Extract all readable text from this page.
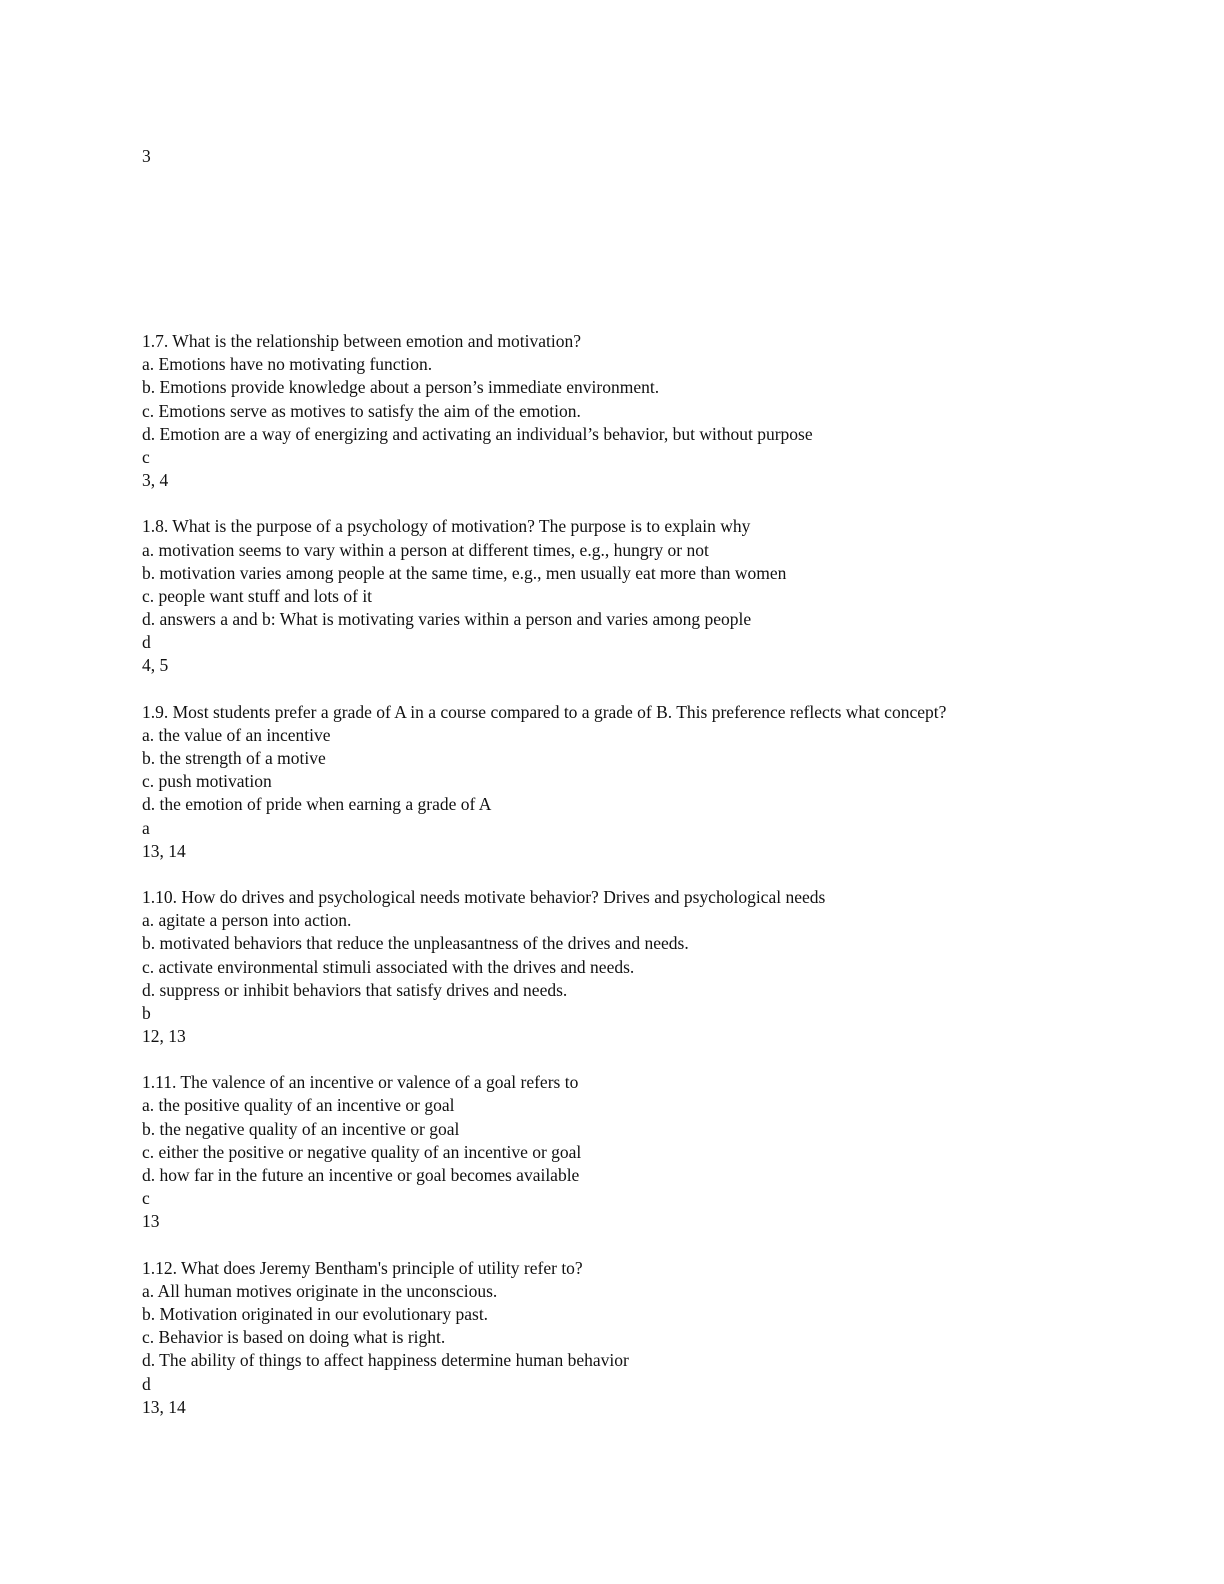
3
1.7. What is the relationship between emotion and motivation?
a. Emotions have no motivating function.
b. Emotions provide knowledge about a person’s immediate environment.
c. Emotions serve as motives to satisfy the aim of the emotion.
d. Emotion are a way of energizing and activating an individual’s behavior, but without purpose
c
3, 4
1.8. What is the purpose of a psychology of motivation? The purpose is to explain why
a. motivation seems to vary within a person at different times, e.g., hungry or not
b. motivation varies among people at the same time, e.g., men usually eat more than women
c. people want stuff and lots of it
d. answers a and b: What is motivating varies within a person and varies among people
d
4, 5
1.9. Most students prefer a grade of A in a course compared to a grade of B. This preference reflects what concept?
a. the value of an incentive
b. the strength of a motive
c. push motivation
d. the emotion of pride when earning a grade of A
a
13, 14
1.10. How do drives and psychological needs motivate behavior? Drives and psychological needs
a. agitate a person into action.
b. motivated behaviors that reduce the unpleasantness of the drives and needs.
c. activate environmental stimuli associated with the drives and needs.
d. suppress or inhibit behaviors that satisfy drives and needs.
b
12, 13
1.11. The valence of an incentive or valence of a goal refers to
a. the positive quality of an incentive or goal
b. the negative quality of an incentive or goal
c. either the positive or negative quality of an incentive or goal
d. how far in the future an incentive or goal becomes available
c
13
1.12. What does Jeremy Bentham's principle of utility refer to?
a. All human motives originate in the unconscious.
b. Motivation originated in our evolutionary past.
c. Behavior is based on doing what is right.
d. The ability of things to affect happiness determine human behavior
d
13, 14
